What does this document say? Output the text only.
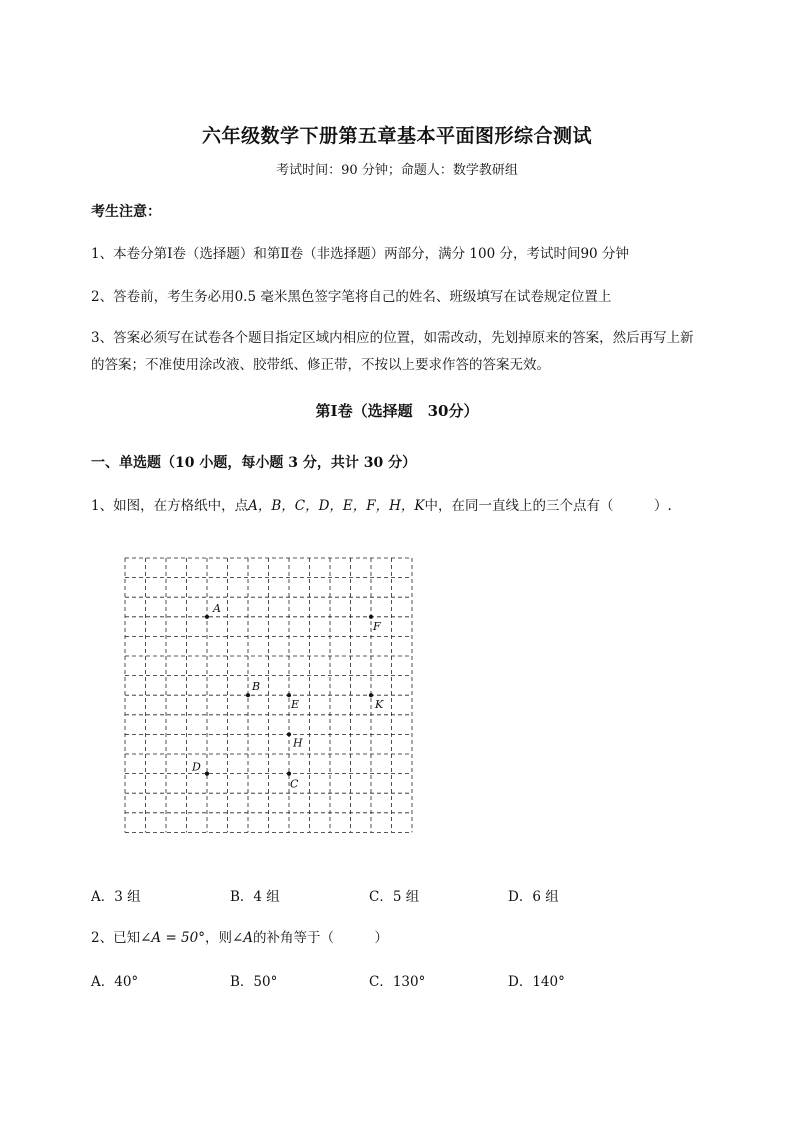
六年级数学下册第五章基本平面图形综合测试
考试时间：90 分钟；命题人：数学教研组
考生注意：
1、本卷分第Ⅰ卷（选择题）和第Ⅱ卷（非选择题）两部分，满分 100 分，考试时间90 分钟
2、答卷前，考生务必用0.5 毫米黑色签字笔将自己的姓名、班级填写在试卷规定位置上
3、答案必须写在试卷各个题目指定区域内相应的位置，如需改动，先划掉原来的答案，然后再写上新
的答案；不准使用涂改液、胶带纸、修正带，不按以上要求作答的答案无效。
第Ⅰ卷（选择题　30分）
一、单选题（10 小题，每小题 3 分，共计 30 分）
1、如图，在方格纸中，点A，B，C，D，E，F，H，K中，在同一直线上的三个点有（　　　）.
A
F
B
E	K
H
D
C
A．3 组	B．4 组	C．5 组	D．6 组
2、已知∠A = 50°，则∠A的补角等于（　　　）
A．40°	B．50°	C．130°	D．140°
